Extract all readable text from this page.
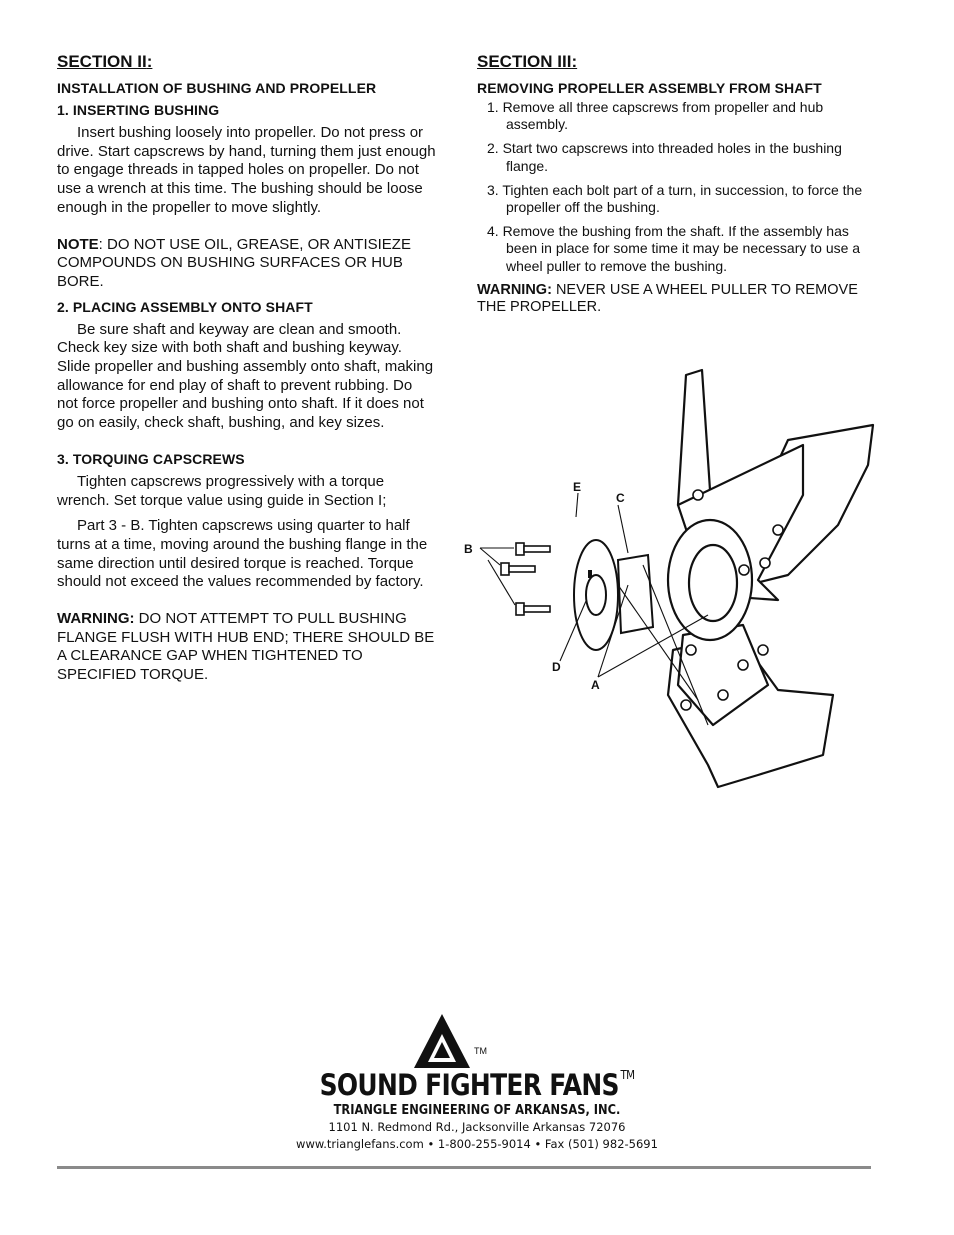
SECTION II:
INSTALLATION OF BUSHING AND PROPELLER
1. INSERTING BUSHING

Insert bushing loosely into propeller. Do not press or drive. Start capscrews by hand, turning them just enough to engage threads in tapped holes on propeller. Do not use a wrench at this time. The bushing should be loose enough in the propeller to move slightly.

NOTE: DO NOT USE OIL, GREASE, OR ANTISIEZE COMPOUNDS ON BUSHING SURFACES OR HUB BORE.

2. PLACING ASSEMBLY ONTO SHAFT

Be sure shaft and keyway are clean and smooth. Check key size with both shaft and bushing keyway. Slide propeller and bushing assembly onto shaft, making allowance for end play of shaft to prevent rubbing. Do not force propeller and bushing onto shaft. If it does not go on easily, check shaft, bushing, and key sizes.

3. TORQUING CAPSCREWS

Tighten capscrews progressively with a torque wrench. Set torque value using guide in Section I;

Part 3 - B. Tighten capscrews using quarter to half turns at a time, moving around the bushing flange in the same direction until desired torque is reached. Torque should not exceed the values recommended by factory.

WARNING: DO NOT ATTEMPT TO PULL BUSHING FLANGE FLUSH WITH HUB END; THERE SHOULD BE A CLEARANCE GAP WHEN TIGHTENED TO SPECIFIED TORQUE.

SECTION III:
REMOVING PROPELLER ASSEMBLY FROM SHAFT
1. Remove all three capscrews from propeller and hub assembly.
2. Start two capscrews into threaded holes in the bushing flange.
3. Tighten each bolt part of a turn, in succession, to force the propeller off the bushing.
4. Remove the bushing from the shaft. If the assembly has been in place for some time it may be necessary to use a wheel puller to remove the bushing.

WARNING: NEVER USE A WHEEL PULLER TO REMOVE THE PROPELLER.

B
E
C
D
A
TM
SOUND FIGHTER FANS ™
TRIANGLE ENGINEERING OF ARKANSAS, INC.
1101 N. Redmond Rd., Jacksonville Arkansas 72076
www.trianglefans.com • 1-800-255-9014 • Fax (501) 982-5691
